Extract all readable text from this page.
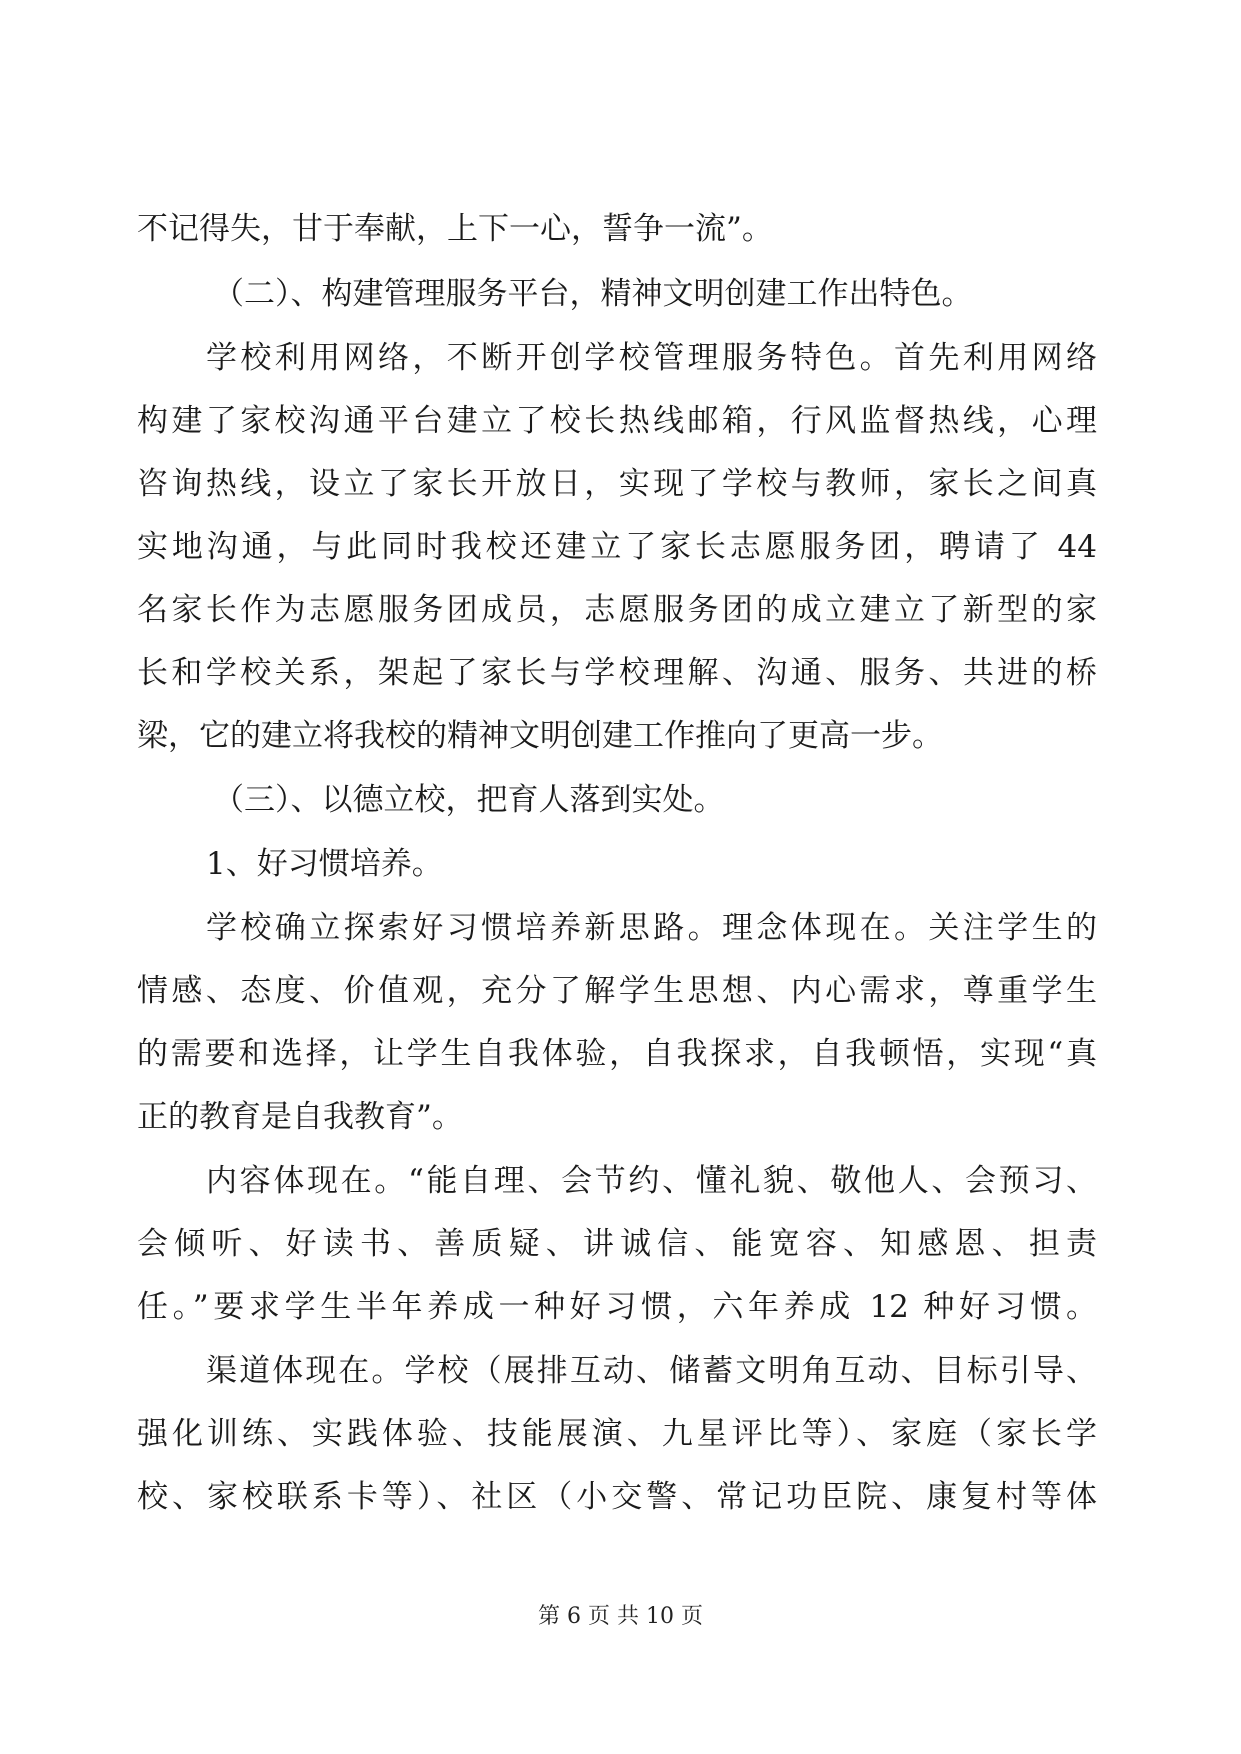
不记得失，甘于奉献，上下一心，誓争一流”。
（二）、构建管理服务平台，精神文明创建工作出特色。
学校利用网络，不断开创学校管理服务特色。首先利用网络
构建了家校沟通平台建立了校长热线邮箱，行风监督热线，心理
咨询热线，设立了家长开放日，实现了学校与教师，家长之间真
实地沟通，与此同时我校还建立了家长志愿服务团，聘请了 44
名家长作为志愿服务团成员，志愿服务团的成立建立了新型的家
长和学校关系，架起了家长与学校理解、沟通、服务、共进的桥
梁，它的建立将我校的精神文明创建工作推向了更高一步。
（三）、以德立校，把育人落到实处。
1、好习惯培养。
学校确立探索好习惯培养新思路。理念体现在。关注学生的
情感、态度、价值观，充分了解学生思想、内心需求，尊重学生
的需要和选择，让学生自我体验，自我探求，自我顿悟，实现“真
正的教育是自我教育”。
内容体现在。“能自理、会节约、懂礼貌、敬他人、会预习、
会倾听、好读书、善质疑、讲诚信、能宽容、知感恩、担责
任。”要求学生半年养成一种好习惯，六年养成 12 种好习惯。
渠道体现在。学校（展排互动、储蓄文明角互动、目标引导、
强化训练、实践体验、技能展演、九星评比等）、家庭（家长学
校、家校联系卡等）、社区（小交警、常记功臣院、康复村等体
第 6 页 共 10 页
